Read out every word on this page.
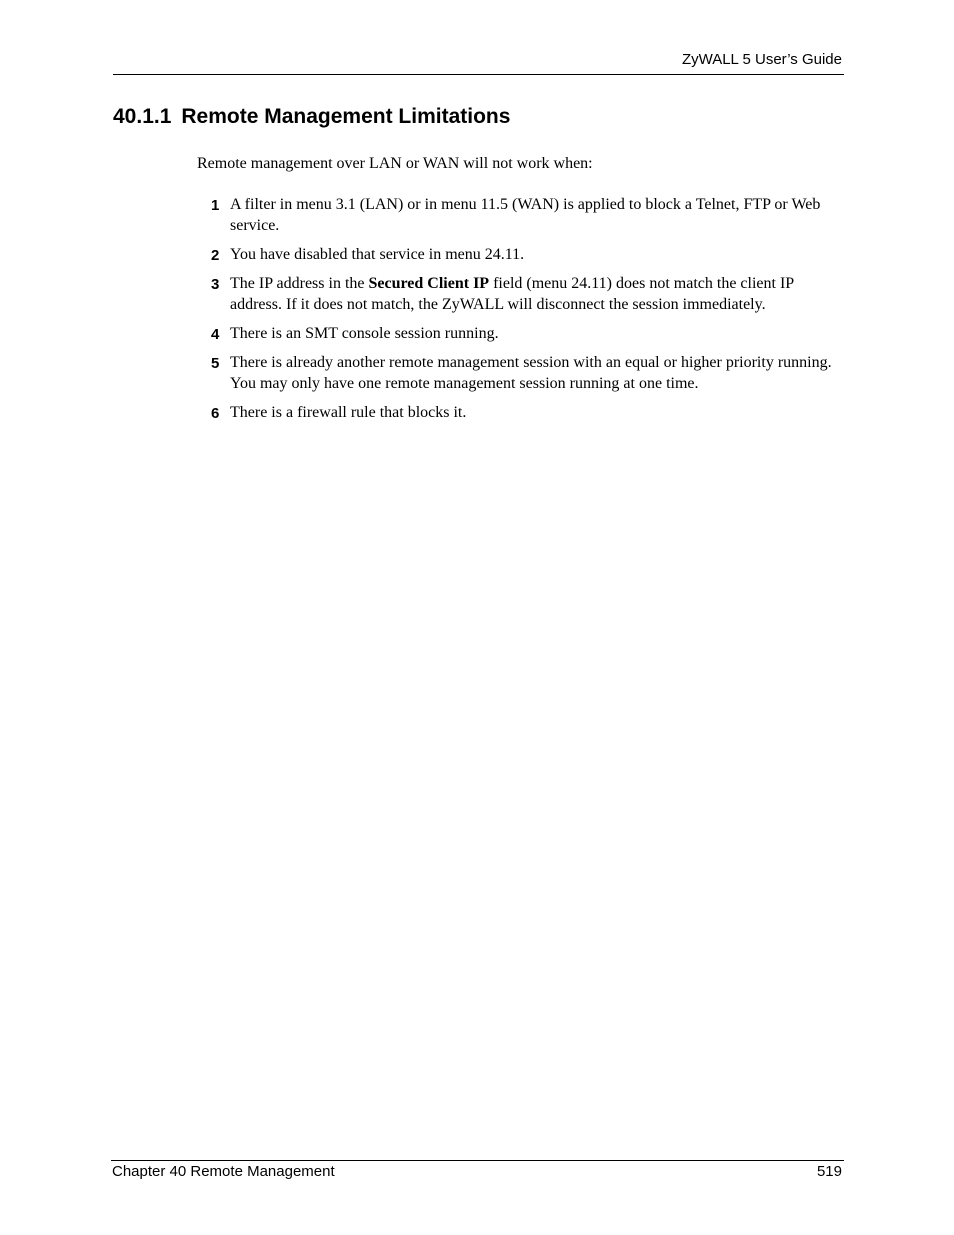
ZyWALL 5 User’s Guide
40.1.1 Remote Management Limitations

Remote management over LAN or WAN will not work when:

1 A filter in menu 3.1 (LAN) or in menu 11.5 (WAN) is applied to block a Telnet, FTP or Web service.
2 You have disabled that service in menu 24.11.
3 The IP address in the Secured Client IP field (menu 24.11) does not match the client IP address. If it does not match, the ZyWALL will disconnect the session immediately.
4 There is an SMT console session running.
5 There is already another remote management session with an equal or higher priority running. You may only have one remote management session running at one time.
6 There is a firewall rule that blocks it.
Chapter 40 Remote Management	519
